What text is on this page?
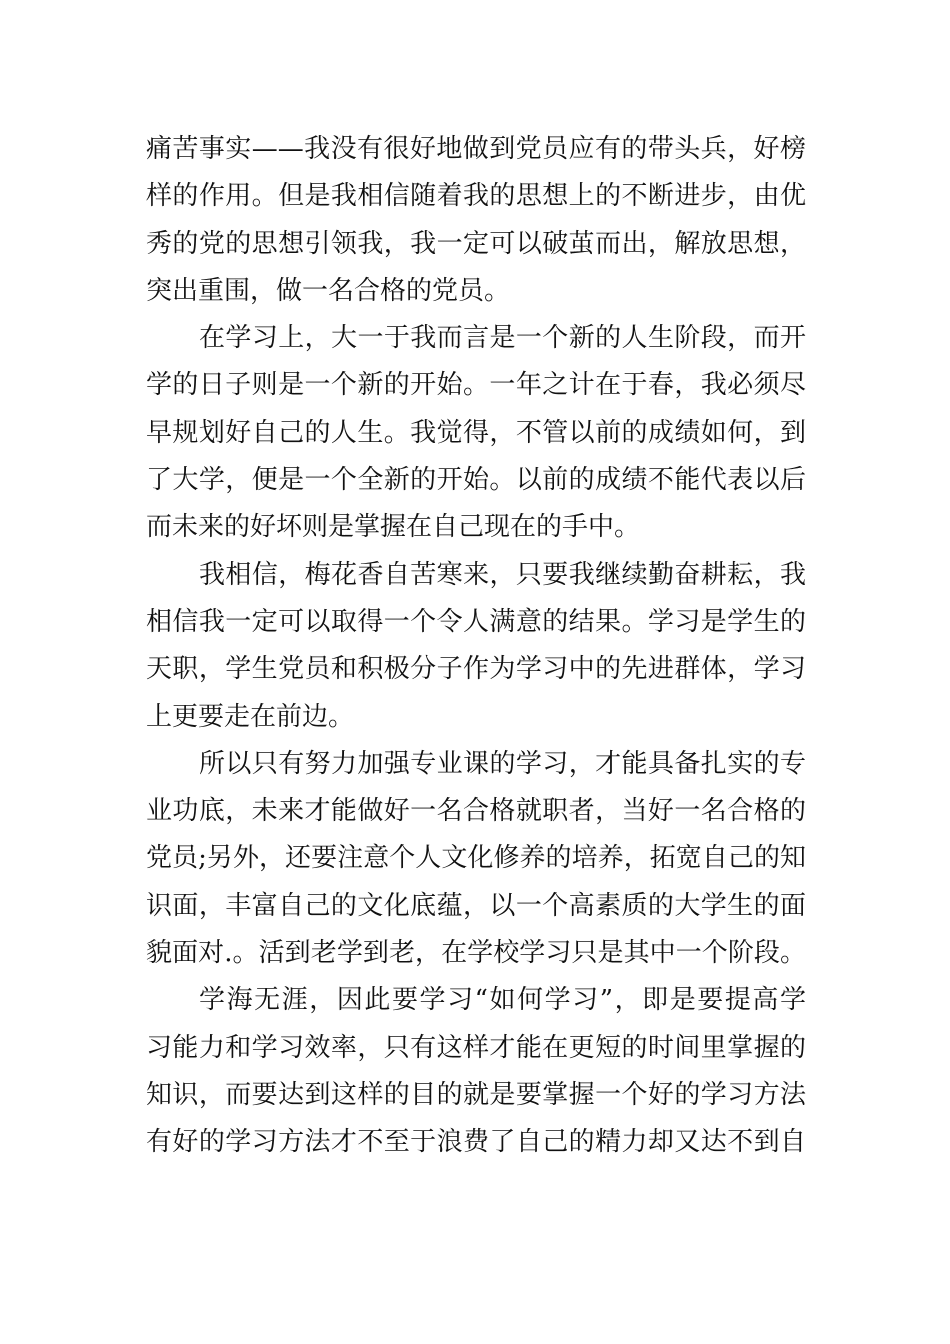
痛苦事实——我没有很好地做到党员应有的带头兵，好榜
样的作用。但是我相信随着我的思想上的不断进步，由优
秀的党的思想引领我，我一定可以破茧而出，解放思想，
突出重围，做一名合格的党员。
在学习上，大一于我而言是一个新的人生阶段，而开
学的日子则是一个新的开始。一年之计在于春，我必须尽
早规划好自己的人生。我觉得，不管以前的成绩如何，到
了大学，便是一个全新的开始。以前的成绩不能代表以后
而未来的好坏则是掌握在自己现在的手中。
我相信，梅花香自苦寒来，只要我继续勤奋耕耘，我
相信我一定可以取得一个令人满意的结果。学习是学生的
天职，学生党员和积极分子作为学习中的先进群体，学习
上更要走在前边。
所以只有努力加强专业课的学习，才能具备扎实的专
业功底，未来才能做好一名合格就职者，当好一名合格的
党员;另外，还要注意个人文化修养的培养，拓宽自己的知
识面，丰富自己的文化底蕴，以一个高素质的大学生的面
貌面对.。活到老学到老，在学校学习只是其中一个阶段。
学海无涯，因此要学习“如何学习”，即是要提高学
习能力和学习效率，只有这样才能在更短的时间里掌握的
知识，而要达到这样的目的就是要掌握一个好的学习方法
有好的学习方法才不至于浪费了自己的精力却又达不到自
